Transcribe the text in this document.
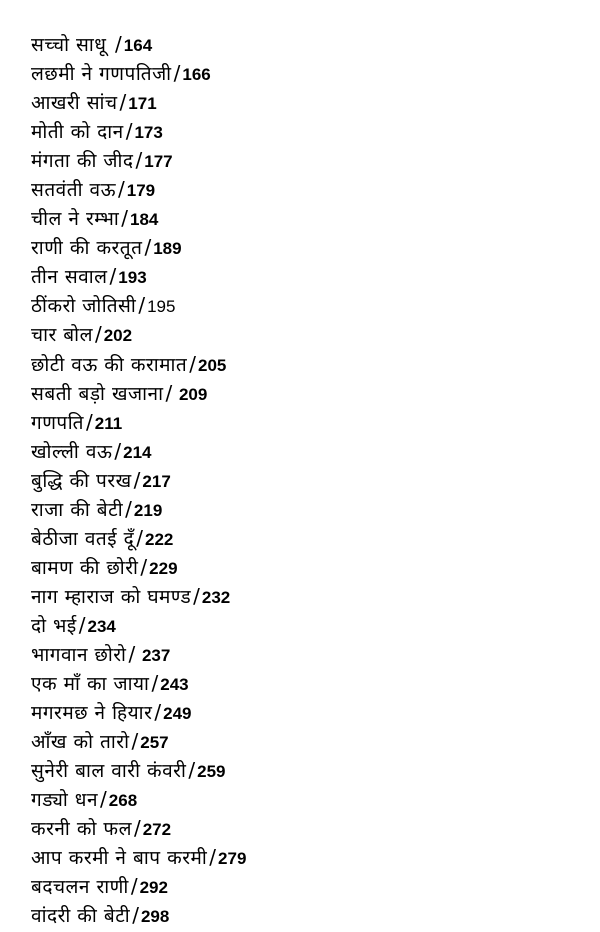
सच्चो साधू / 164
लछमी ने गणपतिजी / 166
आखरी सांच / 171
मोती को दान / 173
मंगता की जीद / 177
सतवंती वऊ / 179
चील ने रम्भा / 184
राणी की करतूत / 189
तीन सवाल / 193
ठींकरो जोतिसी / 195
चार बोल / 202
छोटी वऊ की करामात / 205
सबती बड़ो खजाना / 209
गणपति / 211
खोल्ली वऊ / 214
बुद्धि की परख / 217
राजा की बेटी / 219
बेठीजा वतई दूँ / 222
बामण की छोरी / 229
नाग म्हाराज को घमण्ड / 232
दो भई / 234
भागवान छोरो / 237
एक माँ का जाया / 243
मगरमछ ने हियार / 249
आँख को तारो / 257
सुनेरी बाल वारी कंवरी / 259
गड्यो धन / 268
करनी को फल / 272
आप करमी ने बाप करमी / 279
बदचलन राणी / 292
वांदरी की बेटी / 298
